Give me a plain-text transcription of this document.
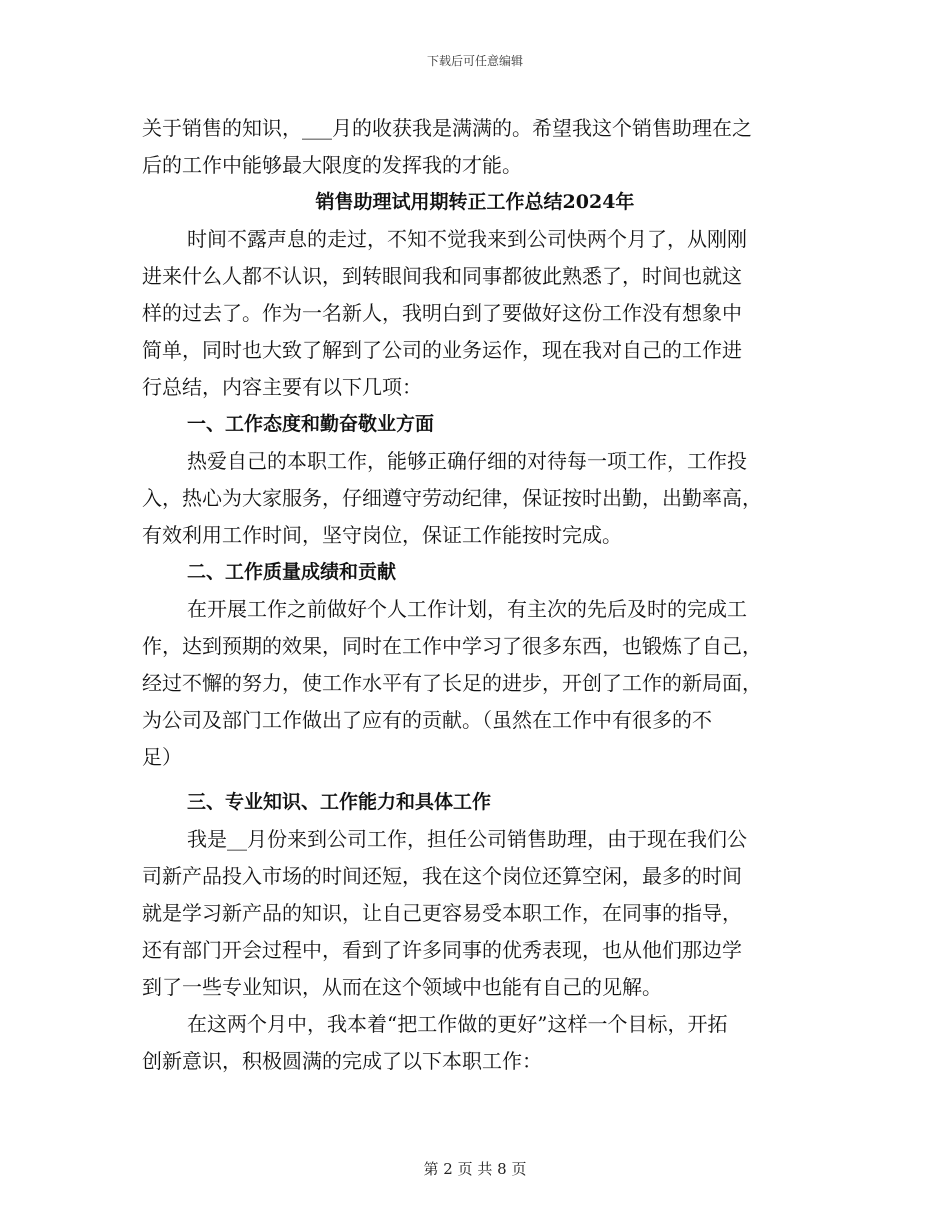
下载后可任意编辑
关于销售的知识，___月的收获我是满满的。希望我这个销售助理在之
后的工作中能够最大限度的发挥我的才能。
销售助理试用期转正工作总结2024年
时间不露声息的走过，不知不觉我来到公司快两个月了，从刚刚
进来什么人都不认识，到转眼间我和同事都彼此熟悉了，时间也就这
样的过去了。作为一名新人，我明白到了要做好这份工作没有想象中
简单，同时也大致了解到了公司的业务运作，现在我对自己的工作进
行总结，内容主要有以下几项：
一、工作态度和勤奋敬业方面
热爱自己的本职工作，能够正确仔细的对待每一项工作，工作投
入，热心为大家服务，仔细遵守劳动纪律，保证按时出勤，出勤率高，
有效利用工作时间，坚守岗位，保证工作能按时完成。
二、工作质量成绩和贡献
在开展工作之前做好个人工作计划，有主次的先后及时的完成工
作，达到预期的效果，同时在工作中学习了很多东西，也锻炼了自己，
经过不懈的努力，使工作水平有了长足的进步，开创了工作的新局面，
为公司及部门工作做出了应有的贡献。（虽然在工作中有很多的不
足）
三、专业知识、工作能力和具体工作
我是__月份来到公司工作，担任公司销售助理，由于现在我们公
司新产品投入市场的时间还短，我在这个岗位还算空闲，最多的时间
就是学习新产品的知识，让自己更容易受本职工作，在同事的指导，
还有部门开会过程中，看到了许多同事的优秀表现，也从他们那边学
到了一些专业知识，从而在这个领域中也能有自己的见解。
在这两个月中，我本着“把工作做的更好”这样一个目标，开拓
创新意识，积极圆满的完成了以下本职工作：
第 2 页 共 8 页
